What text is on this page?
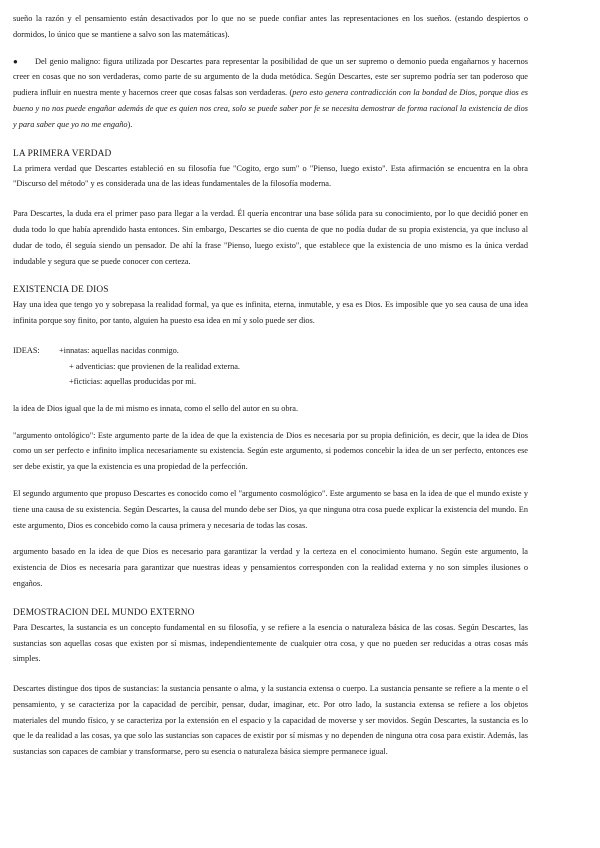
sueño la razón y el pensamiento están desactivados por lo que no se puede confiar antes las representaciones en los sueños. (estando despiertos o dormidos, lo único que se mantiene a salvo son las matemáticas).

● Del genio maligno: figura utilizada por Descartes para representar la posibilidad de que un ser supremo o demonio pueda engañarnos y hacernos creer en cosas que no son verdaderas, como parte de su argumento de la duda metódica. Según Descartes, este ser supremo podría ser tan poderoso que pudiera influir en nuestra mente y hacernos creer que cosas falsas son verdaderas. (pero esto genera contradicción con la bondad de Dios, porque dios es bueno y no nos puede engañar además de que es quien nos crea, solo se puede saber por fe se necesita demostrar de forma racional la existencia de dios y para saber que yo no me engaño).

LA PRIMERA VERDAD

La primera verdad que Descartes estableció en su filosofía fue "Cogito, ergo sum" o "Pienso, luego existo". Esta afirmación se encuentra en la obra "Discurso del método" y es considerada una de las ideas fundamentales de la filosofía moderna.

Para Descartes, la duda era el primer paso para llegar a la verdad. Él quería encontrar una base sólida para su conocimiento, por lo que decidió poner en duda todo lo que había aprendido hasta entonces. Sin embargo, Descartes se dio cuenta de que no podía dudar de su propia existencia, ya que incluso al dudar de todo, él seguía siendo un pensador. De ahí la frase "Pienso, luego existo", que establece que la existencia de uno mismo es la única verdad indudable y segura que se puede conocer con certeza.

EXISTENCIA DE DIOS

Hay una idea que tengo yo y sobrepasa la realidad formal, ya que es infinita, eterna, inmutable, y esa es Dios. Es imposible que yo sea causa de una idea infinita porque soy finito, por tanto, alguien ha puesto esa idea en mí y solo puede ser dios.

IDEAS: +innatas: aquellas nacidas conmigo.
+ adventicias: que provienen de la realidad externa.
+ficticias: aquellas producidas por mi.

la idea de Dios igual que la de mi mismo es innata, como el sello del autor en su obra.

"argumento ontológico": Este argumento parte de la idea de que la existencia de Dios es necesaria por su propia definición, es decir, que la idea de Dios como un ser perfecto e infinito implica necesariamente su existencia. Según este argumento, si podemos concebir la idea de un ser perfecto, entonces ese ser debe existir, ya que la existencia es una propiedad de la perfección.

El segundo argumento que propuso Descartes es conocido como el "argumento cosmológico". Este argumento se basa en la idea de que el mundo existe y tiene una causa de su existencia. Según Descartes, la causa del mundo debe ser Dios, ya que ninguna otra cosa puede explicar la existencia del mundo. En este argumento, Dios es concebido como la causa primera y necesaria de todas las cosas.

argumento basado en la idea de que Dios es necesario para garantizar la verdad y la certeza en el conocimiento humano. Según este argumento, la existencia de Dios es necesaria para garantizar que nuestras ideas y pensamientos corresponden con la realidad externa y no son simples ilusiones o engaños.

DEMOSTRACION DEL MUNDO EXTERNO

Para Descartes, la sustancia es un concepto fundamental en su filosofía, y se refiere a la esencia o naturaleza básica de las cosas. Según Descartes, las sustancias son aquellas cosas que existen por sí mismas, independientemente de cualquier otra cosa, y que no pueden ser reducidas a otras cosas más simples.

Descartes distingue dos tipos de sustancias: la sustancia pensante o alma, y la sustancia extensa o cuerpo. La sustancia pensante se refiere a la mente o el pensamiento, y se caracteriza por la capacidad de percibir, pensar, dudar, imaginar, etc. Por otro lado, la sustancia extensa se refiere a los objetos materiales del mundo físico, y se caracteriza por la extensión en el espacio y la capacidad de moverse y ser movidos. Según Descartes, la sustancia es lo que le da realidad a las cosas, ya que solo las sustancias son capaces de existir por sí mismas y no dependen de ninguna otra cosa para existir. Además, las sustancias son capaces de cambiar y transformarse, pero su esencia o naturaleza básica siempre permanece igual.
